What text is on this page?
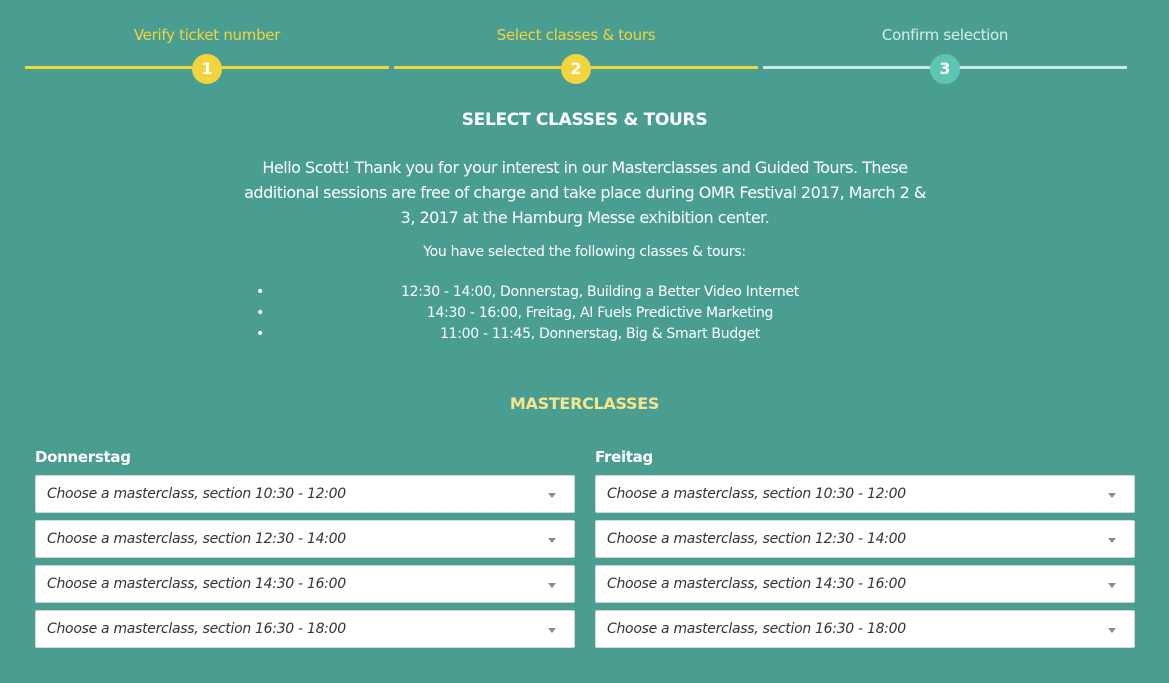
Verify ticket number
1
Select classes & tours
2
Confirm selection
3
SELECT CLASSES & TOURS

Hello Scott! Thank you for your interest in our Masterclasses and Guided Tours. These additional sessions are free of charge and take place during OMR Festival 2017, March 2 & 3, 2017 at the Hamburg Messe exhibition center.

You have selected the following classes & tours:
•	12:30 - 14:00, Donnerstag, Building a Better Video Internet
•	14:30 - 16:00, Freitag, AI Fuels Predictive Marketing
•	11:00 - 11:45, Donnerstag, Big & Smart Budget
MASTERCLASSES
Donnerstag
Choose a masterclass, section 10:30 - 12:00
Choose a masterclass, section 12:30 - 14:00
Choose a masterclass, section 14:30 - 16:00
Choose a masterclass, section 16:30 - 18:00
Freitag
Choose a masterclass, section 10:30 - 12:00
Choose a masterclass, section 12:30 - 14:00
Choose a masterclass, section 14:30 - 16:00
Choose a masterclass, section 16:30 - 18:00
